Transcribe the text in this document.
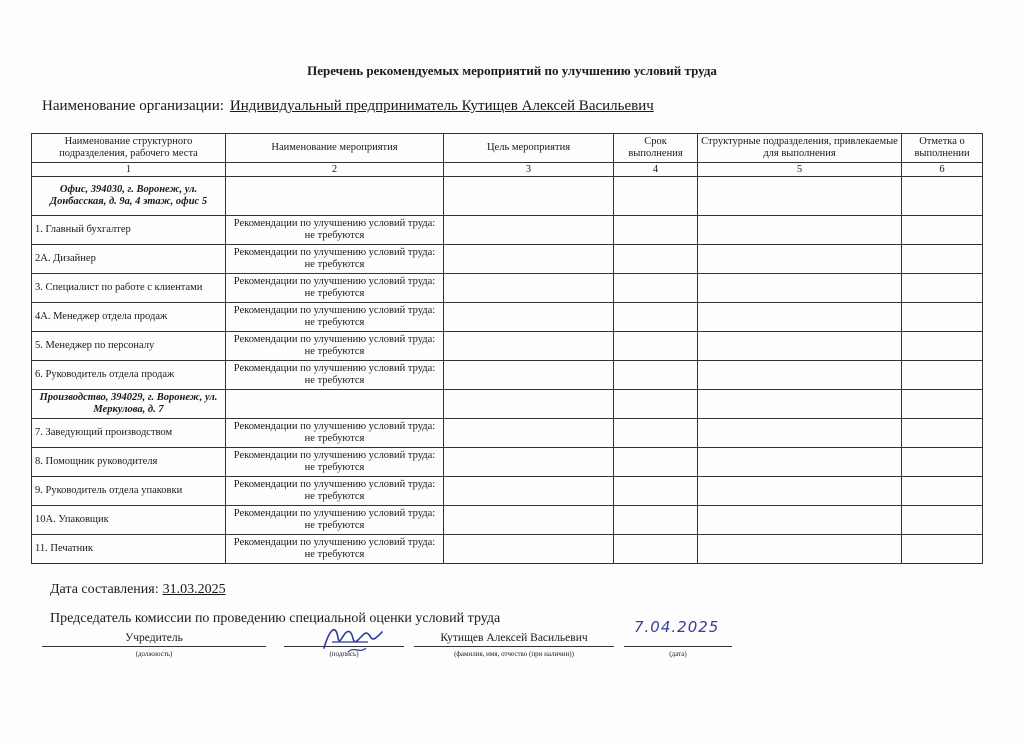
Перечень рекомендуемых мероприятий по улучшению условий труда
Наименование организации: Индивидуальный предприниматель Кутищев Алексей Васильевич
Наименование структурного подразделения, рабочего места	Наименование мероприятия	Цель мероприятия	Срок выполнения	Структурные подразделения, привлекаемые для выполнения	Отметка о выполнении
1	2	3	4	5	6
Офис, 394030, г. Воронеж, ул. Донбасская, д. 9а, 4 этаж, офис 5					
1. Главный бухгалтер	Рекомендации по улучшению условий труда: не требуются				
2А. Дизайнер	Рекомендации по улучшению условий труда: не требуются				
3. Специалист по работе с клиентами	Рекомендации по улучшению условий труда: не требуются				
4А. Менеджер отдела продаж	Рекомендации по улучшению условий труда: не требуются				
5. Менеджер по персоналу	Рекомендации по улучшению условий труда: не требуются				
6. Руководитель отдела продаж	Рекомендации по улучшению условий труда: не требуются				
Производство, 394029, г. Воронеж, ул. Меркулова, д. 7					
7. Заведующий производством	Рекомендации по улучшению условий труда: не требуются				
8. Помощник руководителя	Рекомендации по улучшению условий труда: не требуются				
9. Руководитель отдела упаковки	Рекомендации по улучшению условий труда: не требуются				
10А. Упаковщик	Рекомендации по улучшению условий труда: не требуются				
11. Печатник	Рекомендации по улучшению условий труда: не требуются				
Дата составления: 31.03.2025
Председатель комиссии по проведению специальной оценки условий труда
Учредитель
(должность)	(подпись)
Кутищев Алексей Васильевич
(фамилия, имя, отчество (при наличии))	(дата)
7.04.2025
